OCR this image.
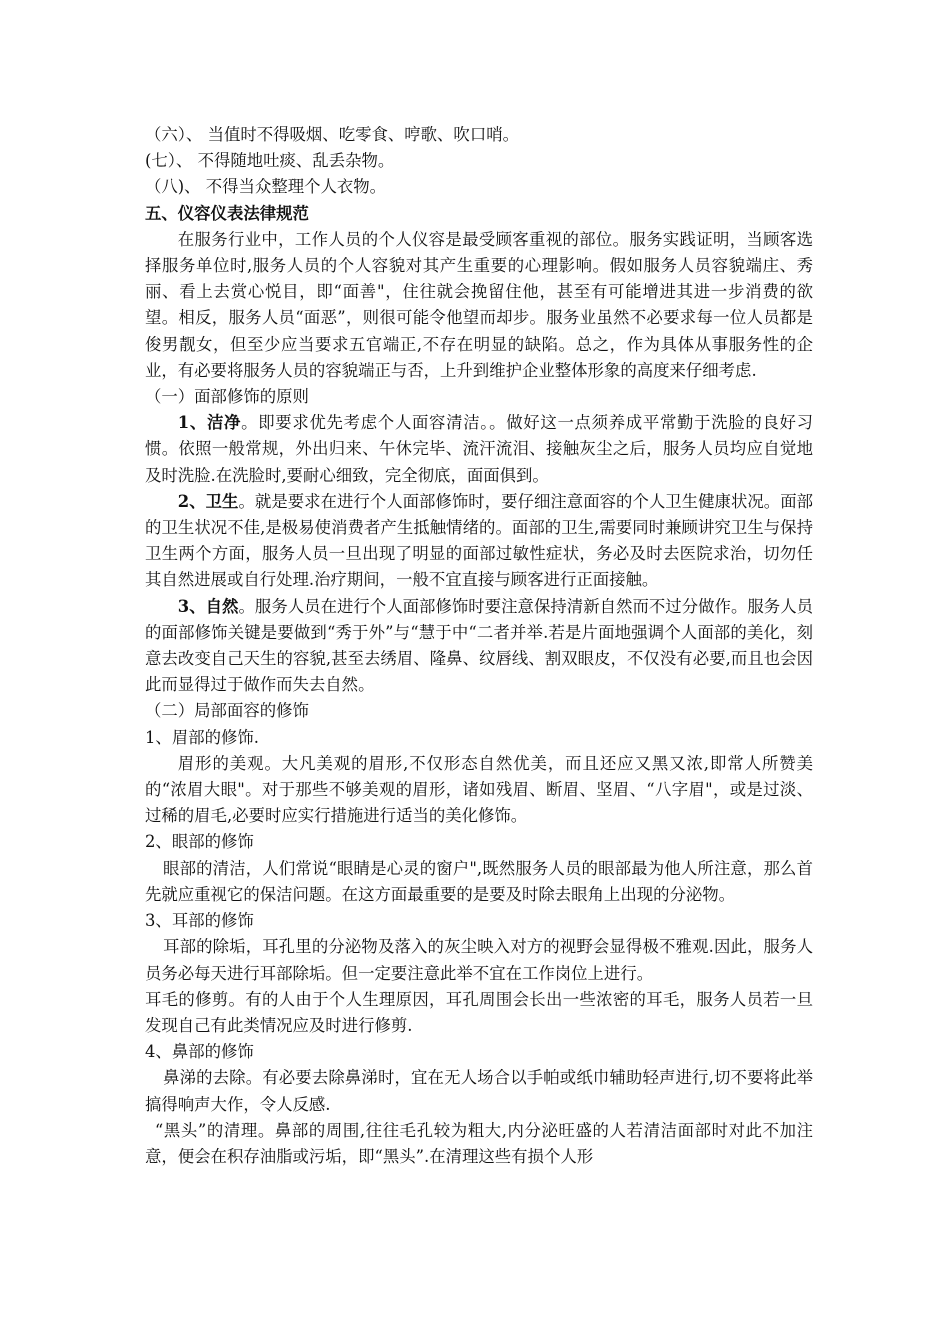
（六）、 当值时不得吸烟、吃零食、哼歌、吹口哨。

(七）、 不得随地吐痰、乱丢杂物。

（八)、 不得当众整理个人衣物。

五、仪容仪表法律规范

在服务行业中，工作人员的个人仪容是最受顾客重视的部位。服务实践证明，当顾客选择服务单位时,服务人员的个人容貌对其产生重要的心理影响。假如服务人员容貌端庄、秀丽、看上去赏心悦目，即“面善"，住往就会挽留住他，甚至有可能增进其进一步消费的欲望。相反，服务人员“面恶”，则很可能令他望而却步。服务业虽然不必要求每一位人员都是俊男靓女，但至少应当要求五官端正,不存在明显的缺陷。总之，作为具体从事服务性的企业，有必要将服务人员的容貌端正与否，上升到维护企业整体形象的高度来仔细考虑.

（一）面部修饰的原则

1、洁净。即要求优先考虑个人面容清洁。。做好这一点须养成平常勤于洗脸的良好习惯。依照一般常规，外出归来、午休完毕、流汗流泪、接触灰尘之后，服务人员均应自觉地及时洗脸.在洗脸时,要耐心细致，完全彻底，面面俱到。

2、卫生。就是要求在进行个人面部修饰时，要仔细注意面容的个人卫生健康状况。面部的卫生状况不佳,是极易使消费者产生抵触情绪的。面部的卫生,需要同时兼顾讲究卫生与保持卫生两个方面，服务人员一旦出现了明显的面部过敏性症状，务必及时去医院求治，切勿任其自然进展或自行处理.治疗期间，一般不宜直接与顾客进行正面接触。

3、自然。服务人员在进行个人面部修饰时要注意保持清新自然而不过分做作。服务人员的面部修饰关键是要做到“秀于外”与“慧于中“二者并举.若是片面地强调个人面部的美化，刻意去改变自己天生的容貌,甚至去绣眉、隆鼻、纹唇线、割双眼皮，不仅没有必要,而且也会因此而显得过于做作而失去自然。

（二）局部面容的修饰

1、眉部的修饰.

眉形的美观。大凡美观的眉形,不仅形态自然优美，而且还应又黑又浓,即常人所赞美的“浓眉大眼"。对于那些不够美观的眉形，诸如残眉、断眉、坚眉、“八字眉"，或是过淡、过稀的眉毛,必要时应实行措施进行适当的美化修饰。

2、眼部的修饰

眼部的清洁，人们常说“眼睛是心灵的窗户",既然服务人员的眼部最为他人所注意，那么首先就应重视它的保洁问题。在这方面最重要的是要及时除去眼角上出现的分泌物。

3、耳部的修饰

耳部的除垢，耳孔里的分泌物及落入的灰尘映入对方的视野会显得极不雅观.因此，服务人员务必每天进行耳部除垢。但一定要注意此举不宜在工作岗位上进行。

耳毛的修剪。有的人由于个人生理原因，耳孔周围会长出一些浓密的耳毛，服务人员若一旦发现自己有此类情况应及时进行修剪.

4、鼻部的修饰

鼻涕的去除。有必要去除鼻涕时，宜在无人场合以手帕或纸巾辅助轻声进行,切不要将此举搞得响声大作，令人反感.

“黑头”的清理。鼻部的周围,往往毛孔较为粗大,内分泌旺盛的人若清洁面部时对此不加注意，便会在积存油脂或污垢，即“黑头”.在清理这些有损个人形
